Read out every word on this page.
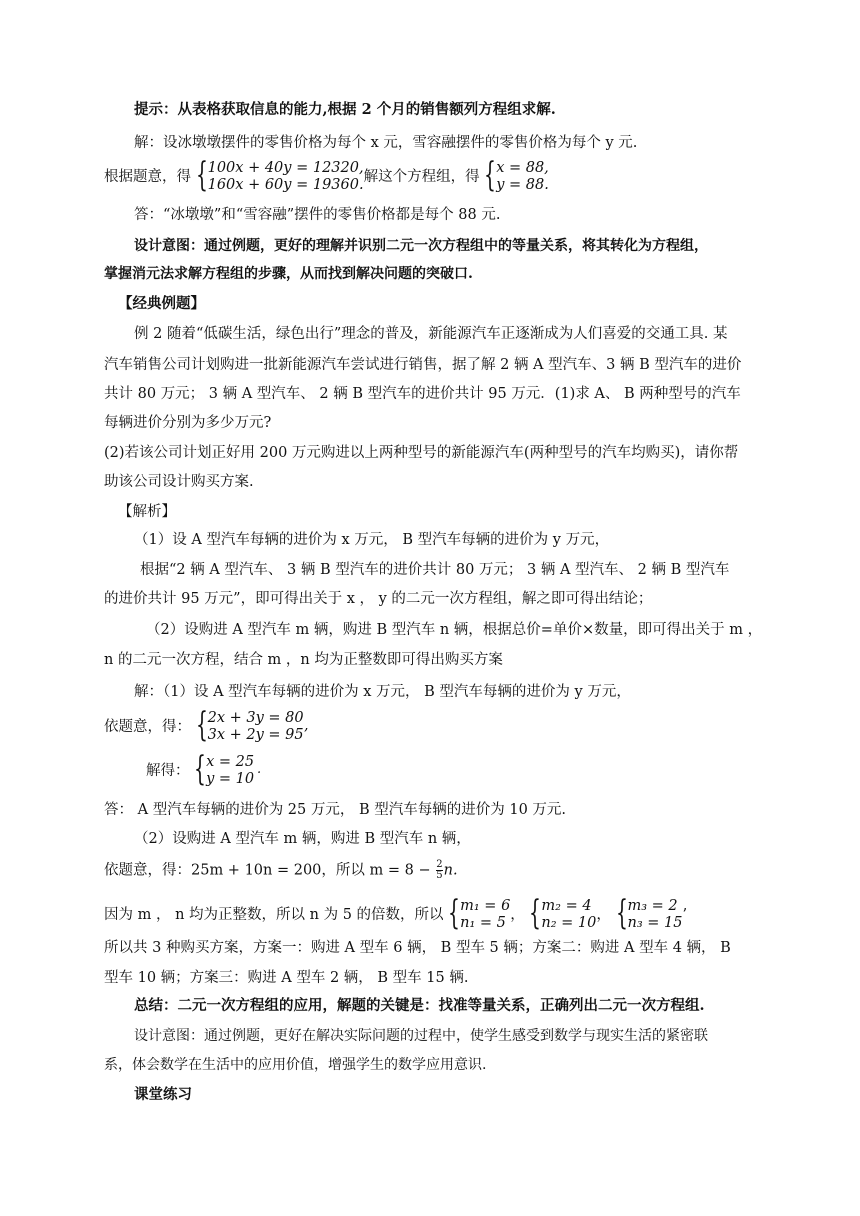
提示：从表格获取信息的能力,根据 2 个月的销售额列方程组求解.
解：设冰墩墩摆件的零售价格为每个 x 元，雪容融摆件的零售价格为每个 y 元.
根据题意，得 { 100x + 40y = 12320,
160x + 60y = 19360. 解这个方程组，得 { x = 88,
y = 88.
答：“冰墩墩”和“雪容融”摆件的零售价格都是每个 88 元.
设计意图：通过例题，更好的理解并识别二元一次方程组中的等量关系，将其转化为方程组，
掌握消元法求解方程组的步骤，从而找到解决问题的突破口.
【经典例题】
例 2 随着“低碳生活，绿色出行”理念的普及，新能源汽车正逐渐成为人们喜爱的交通工具. 某
汽车销售公司计划购进一批新能源汽车尝试进行销售，据了解 2 辆 A 型汽车、3 辆 B 型汽车的进价
共计 80 万元； 3 辆 A 型汽车、 2 辆 B 型汽车的进价共计 95 万元．(1)求 A、 B 两种型号的汽车
每辆进价分别为多少万元?
(2)若该公司计划正好用 200 万元购进以上两种型号的新能源汽车(两种型号的汽车均购买)，请你帮
助该公司设计购买方案.
【解析】
（1）设 A 型汽车每辆的进价为 x 万元， B 型汽车每辆的进价为 y 万元，
根据“2 辆 A 型汽车、 3 辆 B 型汽车的进价共计 80 万元； 3 辆 A 型汽车、 2 辆 B 型汽车
的进价共计 95 万元”，即可得出关于 x ， y 的二元一次方程组，解之即可得出结论；
（2）设购进 A 型汽车 m 辆，购进 B 型汽车 n 辆，根据总价=单价×数量，即可得出关于 m ，
n 的二元一次方程，结合 m ，n 均为正整数即可得出购买方案
解：（1）设 A 型汽车每辆的进价为 x 万元， B 型汽车每辆的进价为 y 万元，
依题意，得： { 2x + 3y = 80
3x + 2y = 95’
解得： { x = 25
y = 10˙
答： A 型汽车每辆的进价为 25 万元， B 型汽车每辆的进价为 10 万元.
（2）设购进 A 型汽车 m 辆，购进 B 型汽车 n 辆，
依题意，得：25m + 10n = 200，所以 $m = 8 - \frac{2}{5} n$.
因为 m ， n 均为正整数，所以 n 为 5 的倍数，所以 { m₁ = 6
n₁ = 5 ， { m₂ = 4
n₂ = 10 ， { m₃ = 2
n₃ = 15 ’
所以共 3 种购买方案，方案一：购进 A 型车 6 辆， B 型车 5 辆；方案二：购进 A 型车 4 辆， B
型车 10 辆；方案三：购进 A 型车 2 辆， B 型车 15 辆.
总结：二元一次方程组的应用，解题的关键是：找准等量关系，正确列出二元一次方程组.
设计意图：通过例题，更好在解决实际问题的过程中，使学生感受到数学与现实生活的紧密联
系，体会数学在生活中的应用价值，增强学生的数学应用意识.
课堂练习
